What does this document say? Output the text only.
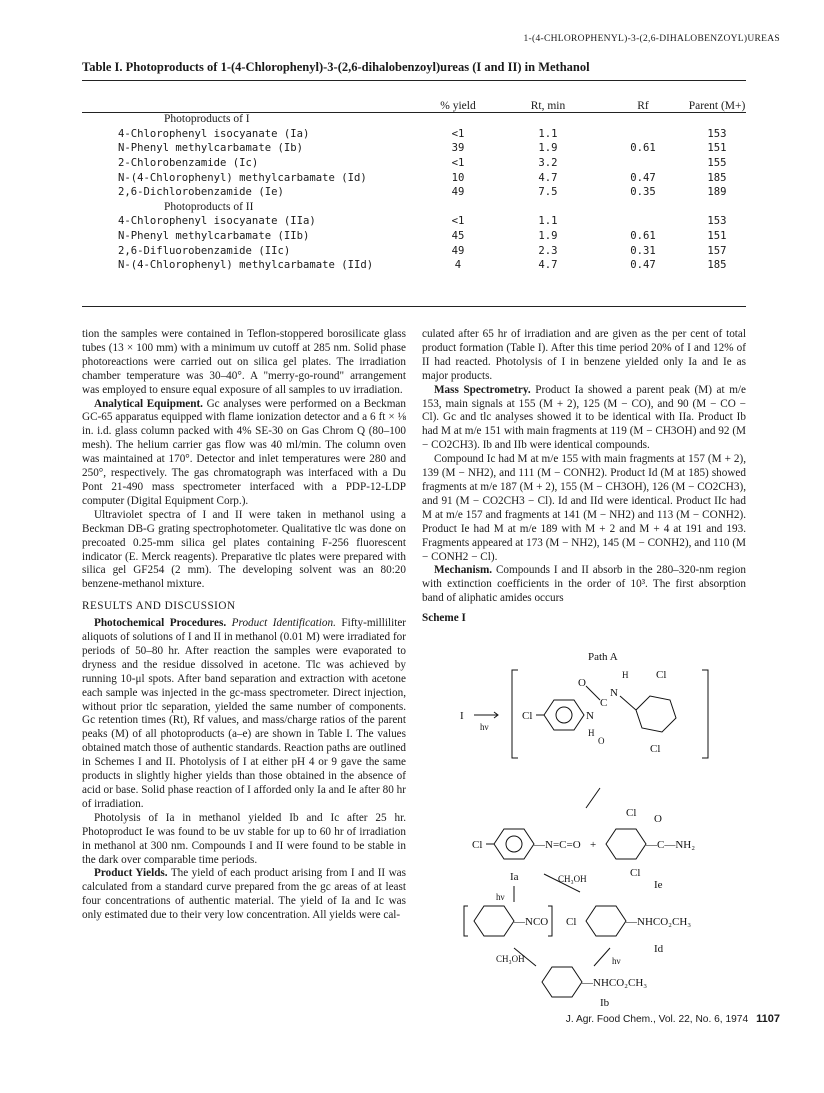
1-(4-CHLOROPHENYL)-3-(2,6-DIHALOBENZOYL)UREAS
Table I. Photoproducts of 1-(4-Chlorophenyl)-3-(2,6-dihalobenzoyl)ureas (I and II) in Methanol
	% yield	Rt, min	Rf	Parent (M+)
Photoproducts of I				
4-Chlorophenyl isocyanate (Ia)	<1	1.1		153
N-Phenyl methylcarbamate (Ib)	39	1.9	0.61	151
2-Chlorobenzamide (Ic)	<1	3.2		155
N-(4-Chlorophenyl) methylcarbamate (Id)	10	4.7	0.47	185
2,6-Dichlorobenzamide (Ie)	49	7.5	0.35	189
Photoproducts of II				
4-Chlorophenyl isocyanate (IIa)	<1	1.1		153
N-Phenyl methylcarbamate (IIb)	45	1.9	0.61	151
2,6-Difluorobenzamide (IIc)	49	2.3	0.31	157
N-(4-Chlorophenyl) methylcarbamate (IId)	4	4.7	0.47	185

tion the samples were contained in Teflon-stoppered borosilicate glass tubes (13 × 100 mm) with a minimum uv cutoff at 285 nm. Solid phase photoreactions were carried out on silica gel plates. The irradiation chamber temperature was 30–40°. A "merry-go-round" arrangement was employed to ensure equal exposure of all samples to uv irradiation.

Analytical Equipment. Gc analyses were performed on a Beckman GC-65 apparatus equipped with flame ionization detector and a 6 ft × ⅛ in. i.d. glass column packed with 4% SE-30 on Gas Chrom Q (80–100 mesh). The helium carrier gas flow was 40 ml/min. The column oven was maintained at 170°. Detector and inlet temperatures were 280 and 250°, respectively. The gas chromatograph was interfaced with a Du Pont 21-490 mass spectrometer interfaced with a PDP-12-LDP computer (Digital Equipment Corp.).

Ultraviolet spectra of I and II were taken in methanol using a Beckman DB-G grating spectrophotometer. Qualitative tlc was done on precoated 0.25-mm silica gel plates containing F-256 fluorescent indicator (E. Merck reagents). Preparative tlc plates were prepared with silica gel GF254 (2 mm). The developing solvent was an 80:20 benzene-methanol mixture.

RESULTS AND DISCUSSION

Photochemical Procedures. Product Identification. Fifty-milliliter aliquots of solutions of I and II in methanol (0.01 M) were irradiated for periods of 50–80 hr. After reaction the samples were evaporated to dryness and the residue dissolved in acetone. Tlc was achieved by running 10-μl spots. After band separation and extraction with acetone each sample was injected in the gc-mass spectrometer. Direct injection, without prior tlc separation, yielded the same number of components. Gc retention times (Rt), Rf values, and mass/charge ratios of the parent peaks (M) of all photoproducts (a–e) are shown in Table I. The values obtained match those of authentic standards. Reaction paths are outlined in Schemes I and II. Photolysis of I at either pH 4 or 9 gave the same products in slightly higher yields than those obtained in the absence of acid or base. Solid phase reaction of I afforded only Ia and Ie after 80 hr of irradiation.

Photolysis of Ia in methanol yielded Ib and Ic after 25 hr. Photoproduct Ie was found to be uv stable for up to 60 hr of irradiation in methanol at 300 nm. Compounds I and II were found to be stable in the dark over comparable time periods.

Product Yields. The yield of each product arising from I and II was calculated from a standard curve prepared from the gc areas of at least four concentrations of authentic material. The yield of Ia and Ic was only estimated due to their very low concentration. All yields were cal-

culated after 65 hr of irradiation and are given as the per cent of total product formation (Table I). After this time period 20% of I and 12% of II had reacted. Photolysis of I in benzene yielded only Ia and Ie as major products.

Mass Spectrometry. Product Ia showed a parent peak (M) at m/e 153, main signals at 155 (M + 2), 125 (M − CO), and 90 (M − CO − Cl). Gc and tlc analyses showed it to be identical with IIa. Product Ib had M at m/e 151 with main fragments at 119 (M − CH3OH) and 92 (M − CO2CH3). Ib and IIb were identical compounds.

Compound Ic had M at m/e 155 with main fragments at 157 (M + 2), 139 (M − NH2), and 111 (M − CONH2). Product Id (M at 185) showed fragments at m/e 187 (M + 2), 155 (M − CH3OH), 126 (M − CO2CH3), and 91 (M − CO2CH3 − Cl). Id and IId were identical. Product IIc had M at m/e 157 and fragments at 141 (M − NH2) and 113 (M − CONH2). Product Ie had M at m/e 189 with M + 2 and M + 4 at 191 and 193. Fragments appeared at 173 (M − NH2), 145 (M − CONH2), and 110 (M − CONH2 − Cl).

Mechanism. Compounds I and II absorb in the 280–320-nm region with extinction coefficients in the order of 10³. The first absorption band of aliphatic amides occurs

Scheme I

Path A
I
hν
Cl	N
O
C
N
H	Cl
Cl
H
O
Cl	—N=C=O +
Cl
Cl
—C—NH₂
O
Ia
Ie
hν
CH₃OH
—NCO Cl	—NHCO₂CH₃
Id
CH₃OH	hν
—NHCO₂CH₃
Ib
J. Agr. Food Chem., Vol. 22, No. 6, 1974 1107
